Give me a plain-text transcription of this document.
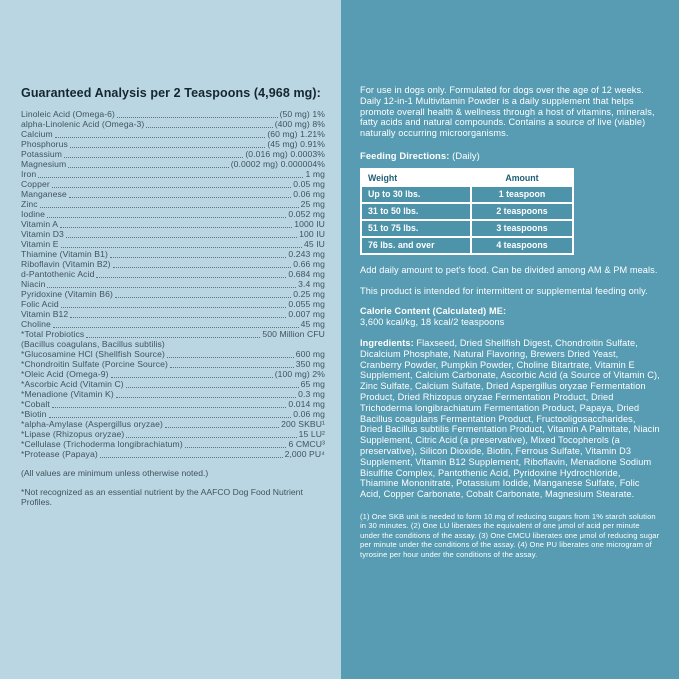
Guaranteed Analysis per 2 Teaspoons (4,968 mg):
Linoleic Acid (Omega-6)	(50 mg) 1%
alpha-Linolenic Acid (Omega-3)	(400 mg) 8%
Calcium	(60 mg) 1.21%
Phosphorus	(45 mg) 0.91%
Potassium	(0.016 mg) 0.0003%
Magnesium	(0.0002 mg) 0.000004%
Iron	1 mg
Copper	0.05 mg
Manganese	0.06 mg
Zinc	25 mg
Iodine	0.052 mg
Vitamin A	1000 IU
Vitamin D3	100 IU
Vitamin E	45 IU
Thiamine (Vitamin B1)	0.243 mg
Riboflavin (Vitamin B2)	0.66 mg
d-Pantothenic Acid	0.684 mg
Niacin	3.4 mg
Pyridoxine (Vitamin B6)	0.25 mg
Folic Acid	0.055 mg
Vitamin B12	0.007 mg
Choline	45 mg
*Total Probiotics	500 Million CFU
(Bacillus coagulans, Bacillus subtilis)
*Glucosamine HCl (Shellfish Source)	600 mg
*Chondroitin Sulfate (Porcine Source)	350 mg
*Oleic Acid (Omega-9)	(100 mg) 2%
*Ascorbic Acid (Vitamin C)	65 mg
*Menadione (Vitamin K)	0.3 mg
*Cobalt	0.014 mg
*Biotin	0.06 mg
*alpha-Amylase (Aspergillus oryzae)	200 SKBU¹
*Lipase (Rhizopus oryzae)	15 LU²
*Cellulase (Trichoderma longibrachiatum)	6 CMCU³
*Protease (Papaya)	2,000 PU⁴
(All values are minimum unless otherwise noted.)
*Not recognized as an essential nutrient by the AAFCO Dog Food Nutrient Profiles.
For use in dogs only. Formulated for dogs over the age of 12 weeks. Daily 12-in-1 Multivitamin Powder is a daily supplement that helps promote overall health & wellness through a host of vitamins, minerals, fatty acids and natural compounds. Contains a source of live (viable) naturally occurring microorganisms.
Feeding Directions: (Daily)
Weight	Amount
Up to 30 lbs.	1 teaspoon
31 to 50 lbs.	2 teaspoons
51 to 75 lbs.	3 teaspoons
76 lbs. and over	4 teaspoons
Add daily amount to pet's food. Can be divided among AM & PM meals.
This product is intended for intermittent or supplemental feeding only.
Calorie Content (Calculated) ME:
3,600 kcal/kg, 18 kcal/2 teaspoons
Ingredients: Flaxseed, Dried Shellfish Digest, Chondroitin Sulfate, Dicalcium Phosphate, Natural Flavoring, Brewers Dried Yeast, Cranberry Powder, Pumpkin Powder, Choline Bitartrate, Vitamin E Supplement, Calcium Carbonate, Ascorbic Acid (a Source of Vitamin C), Zinc Sulfate, Calcium Sulfate, Dried Aspergillus oryzae Fermentation Product, Dried Rhizopus oryzae Fermentation Product, Dried Trichoderma longibrachiatum Fermentation Product, Papaya, Dried Bacillus coagulans Fermentation Product, Fructooligosaccharides, Dried Bacillus subtilis Fermentation Product, Vitamin A Palmitate, Niacin Supplement, Citric Acid (a preservative), Mixed Tocopherols (a preservative), Silicon Dioxide, Biotin, Ferrous Sulfate, Vitamin D3 Supplement, Vitamin B12 Supplement, Riboflavin, Menadione Sodium Bisulfite Complex, Pantothenic Acid, Pyridoxine Hydrochloride, Thiamine Mononitrate, Potassium Iodide, Manganese Sulfate, Folic Acid, Copper Carbonate, Cobalt Carbonate, Magnesium Stearate.
(1) One SKB unit is needed to form 10 mg of reducing sugars from 1% starch solution in 30 minutes. (2) One LU liberates the equivalent of one μmol of acid per minute under the conditions of the assay. (3) One CMCU liberates one μmol of reducing sugar per minute under the conditions of the assay. (4) One PU liberates one microgram of tyrosine per hour under the conditions of the assay.
